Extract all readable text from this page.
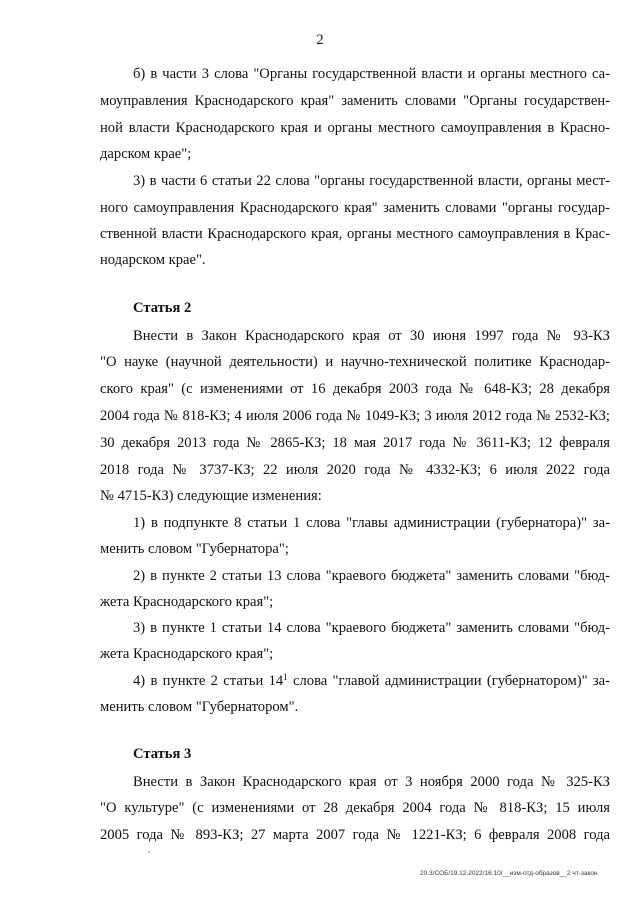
2
б) в части 3 слова "Органы государственной власти и органы местного са-
моуправления Краснодарского края" заменить словами "Органы государствен-
ной власти Краснодарского края и органы местного самоуправления в Красно-
дарском крае";
3) в части 6 статьи 22 слова "органы государственной власти, органы мест-
ного самоуправления Краснодарского края" заменить словами "органы государ-
ственной власти Краснодарского края, органы местного самоуправления в Крас-
нодарском крае".
Статья 2
Внести в Закон Краснодарского края от 30 июня 1997 года № 93-КЗ
"О науке (научной деятельности) и научно-технической политике Краснодар-
ского края" (с изменениями от 16 декабря 2003 года № 648-КЗ; 28 декабря
2004 года № 818-КЗ; 4 июля 2006 года № 1049-КЗ; 3 июля 2012 года № 2532-КЗ;
30 декабря 2013 года № 2865-КЗ; 18 мая 2017 года № 3611-КЗ; 12 февраля
2018 года № 3737-КЗ; 22 июля 2020 года № 4332-КЗ; 6 июля 2022 года
№ 4715-КЗ) следующие изменения:
1) в подпункте 8 статьи 1 слова "главы администрации (губернатора)" за-
менить словом "Губернатора";
2) в пункте 2 статьи 13 слова "краевого бюджета" заменить словами "бюд-
жета Краснодарского края";
3) в пункте 1 статьи 14 слова "краевого бюджета" заменить словами "бюд-
жета Краснодарского края";
4) в пункте 2 статьи $14^1$ слова "главой администрации (губернатором)" за-
менить словом "Губернатором".
Статья 3
Внести в Закон Краснодарского края от 3 ноября 2000 года № 325-КЗ
"О культуре" (с изменениями от 28 декабря 2004 года № 818-КЗ; 15 июля
2005 года № 893-КЗ; 27 марта 2007 года № 1221-КЗ; 6 февраля 2008 года
20.3/СОБ/19.12.2022/16:10/__изм-отд-образов__2 чт-закон
